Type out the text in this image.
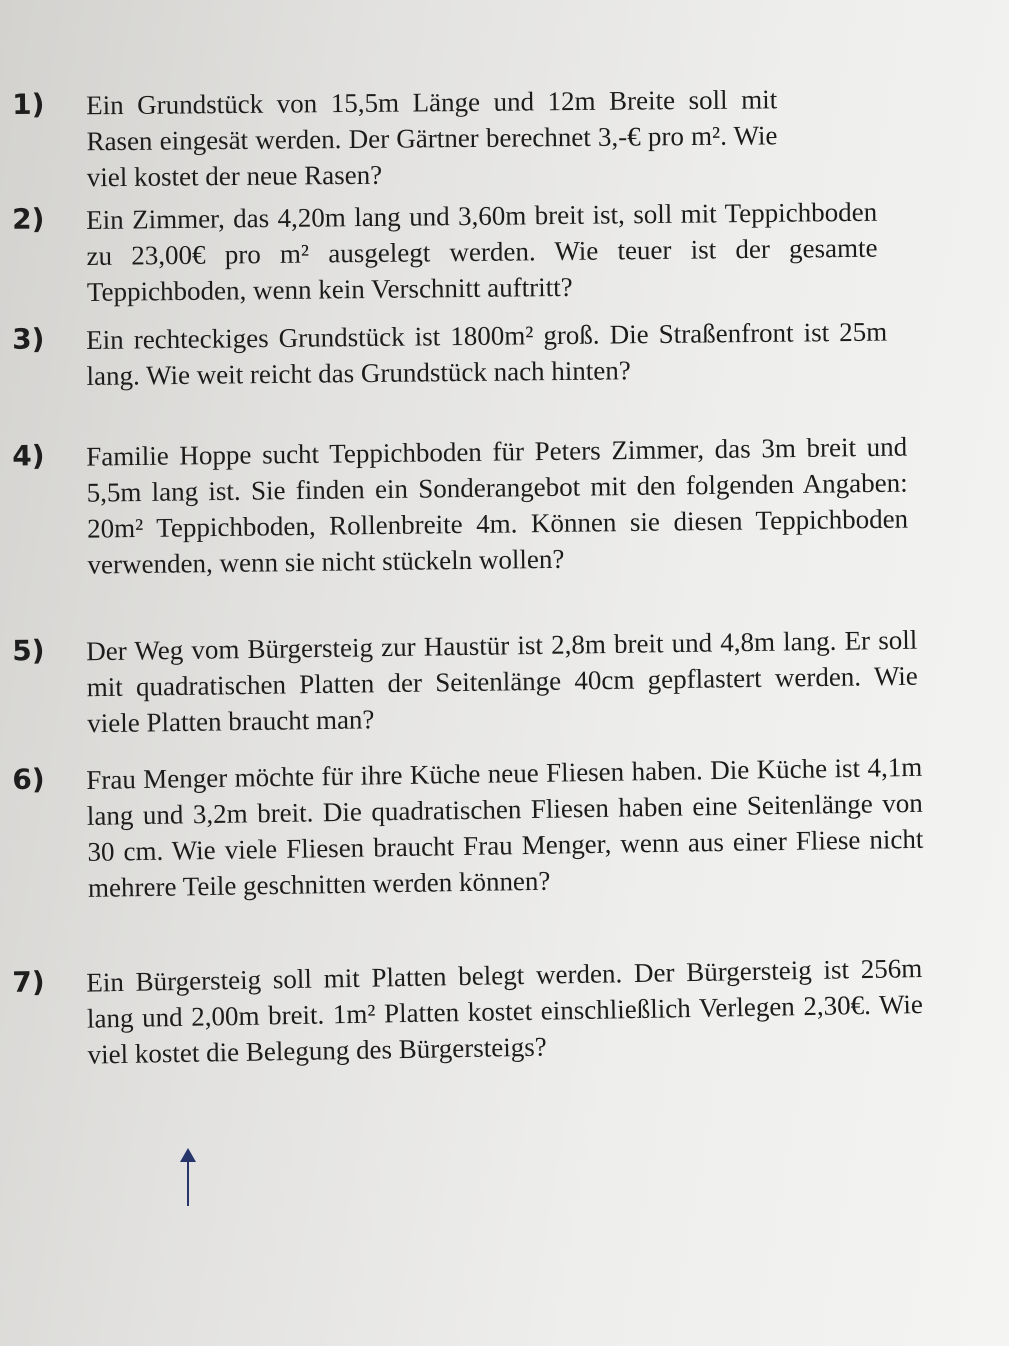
1) Ein Grundstück von 15,5m Länge und 12m Breite soll mit Rasen eingesät werden. Der Gärtner berechnet 3,-€ pro m². Wie viel kostet der neue Rasen?
2) Ein Zimmer, das 4,20m lang und 3,60m breit ist, soll mit Teppichboden zu 23,00€ pro m² ausgelegt werden. Wie teuer ist der gesamte Teppichboden, wenn kein Verschnitt auftritt?
3) Ein rechteckiges Grundstück ist 1800m² groß. Die Straßenfront ist 25m lang. Wie weit reicht das Grundstück nach hinten?
4) Familie Hoppe sucht Teppichboden für Peters Zimmer, das 3m breit und 5,5m lang ist. Sie finden ein Sonderangebot mit den folgenden Angaben: 20m² Teppichboden, Rollenbreite 4m. Können sie diesen Teppichboden verwenden, wenn sie nicht stückeln wollen?
5) Der Weg vom Bürgersteig zur Haustür ist 2,8m breit und 4,8m lang. Er soll mit quadratischen Platten der Seitenlänge 40cm gepflastert werden. Wie viele Platten braucht man?
6) Frau Menger möchte für ihre Küche neue Fliesen haben. Die Küche ist 4,1m lang und 3,2m breit. Die quadratischen Fliesen haben eine Seitenlänge von 30 cm. Wie viele Fliesen braucht Frau Menger, wenn aus einer Fliese nicht mehrere Teile geschnitten werden können?
7) Ein Bürgersteig soll mit Platten belegt werden. Der Bürgersteig ist 256m lang und 2,00m breit. 1m² Platten kostet einschließlich Verlegen 2,30€. Wie viel kostet die Belegung des Bürgersteigs?
